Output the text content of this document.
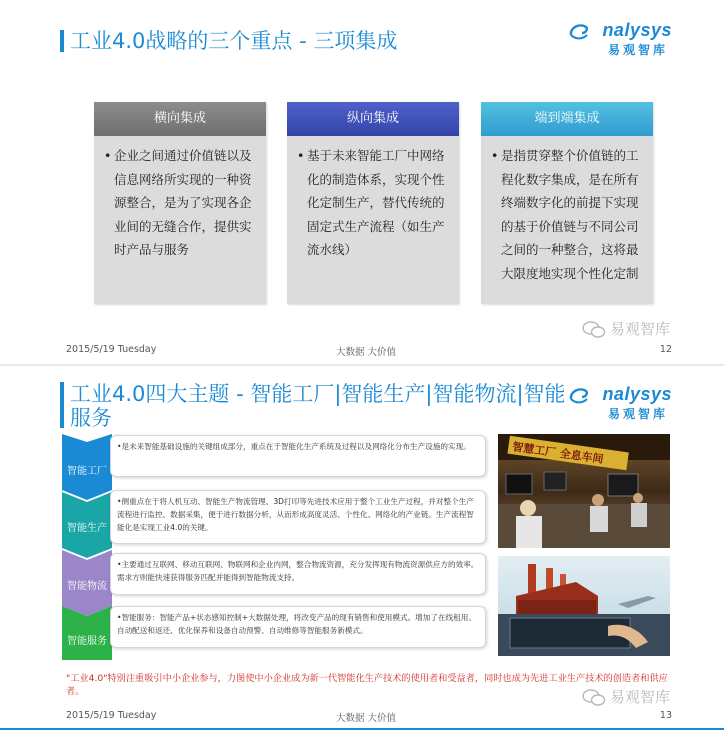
工业4.0战略的三个重点 - 三项集成	nalysys
易观智库
横向集成
• 企业之间通过价值链以及信息网络所实现的一种资源整合，是为了实现各企业间的无缝合作，提供实时产品与服务
纵向集成
• 基于未来智能工厂中网络化的制造体系，实现个性化定制生产，替代传统的固定式生产流程（如生产流水线）
端到端集成
• 是指贯穿整个价值链的工程化数字集成，是在所有终端数字化的前提下实现的基于价值链与不同公司之间的一种整合，这将最大限度地实现个性化定制
易观智库
2015/5/19 Tuesday	大数据 大价值	12
工业4.0四大主题 - 智能工厂|智能生产|智能物流|智能
服务
nalysys
易观智库
智能工厂
智能生产
智能物流
智能服务
•是未来智能基础设施的关键组成部分，重点在于智能化生产系统及过程以及网络化分布生产设施的实现。
•侧重点在于将人机互动、智能生产物流管理、3D打印等先进技术应用于整个工业生产过程，并对整个生产流程进行监控、数据采集，便于进行数据分析，从而形成高度灵活、个性化、网络化的产业链。生产流程智能化是实现工业4.0的关键。
•主要通过互联网、移动互联网、物联网和企业内网，整合物流资源，充分发挥现有物流资源供应方的效率。需求方则能快速获得服务匹配并能得到智能物流支持。
•智能服务：智能产品+状态感知控制+大数据处理，将改变产品的现有销售和使用模式。增加了在线租用、自动配送和返还、优化保养和设备自动预警、自动维修等智能服务新模式。
智慧工厂 全息车间
"工业4.0"特别注重吸引中小企业参与，力图使中小企业成为新一代智能化生产技术的使用者和受益者，同时也成为先进工业生产技术的创造者和供应者。	易观智库
2015/5/19 Tuesday	大数据 大价值	13
